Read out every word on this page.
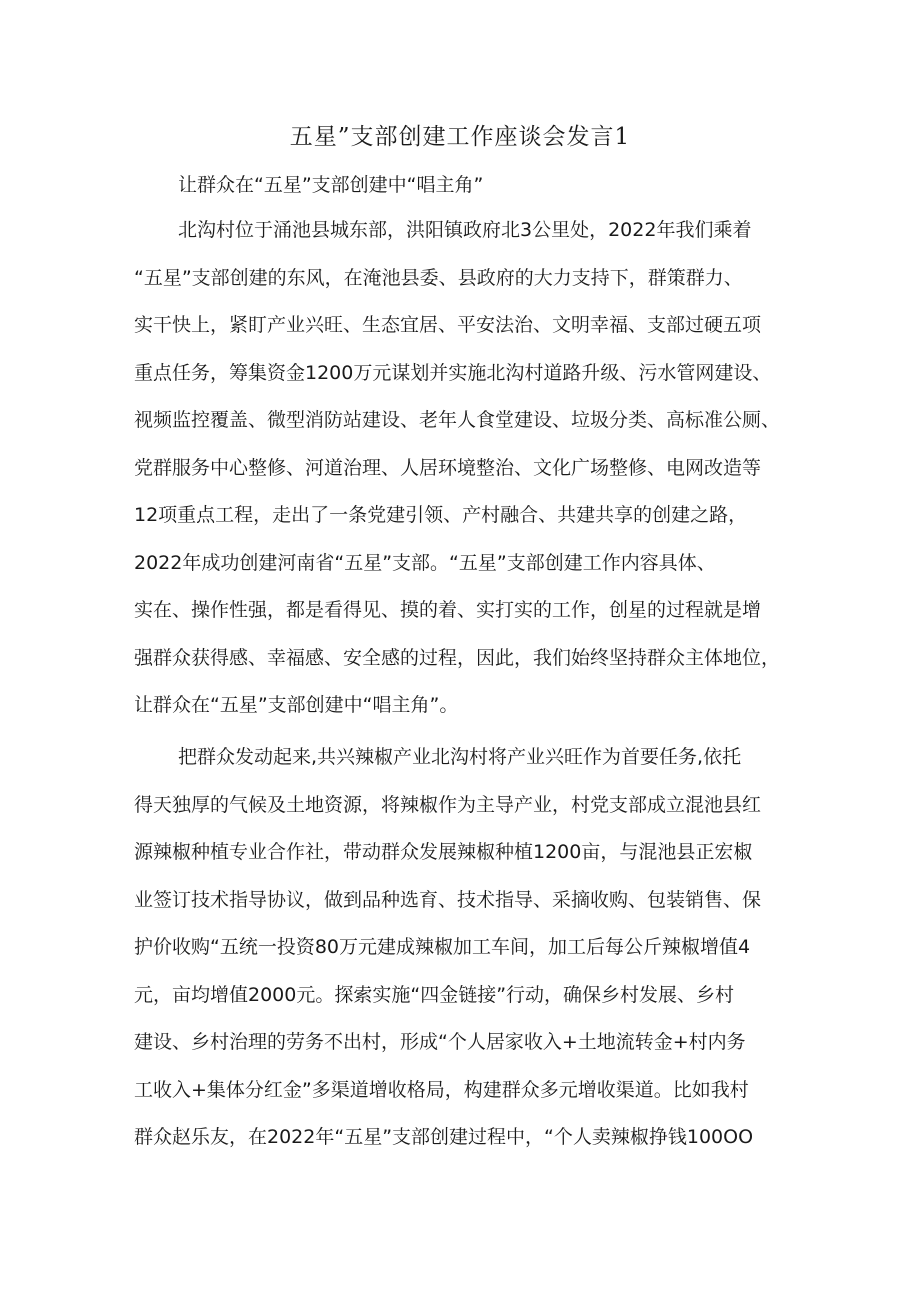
五星”支部创建工作座谈会发言1

让群众在“五星”支部创建中“唱主角”

北沟村位于涌池县城东部，洪阳镇政府北3公里处，2022年我们乘着
“五星”支部创建的东风，在淹池县委、县政府的大力支持下，群策群力、
实干快上，紧盯产业兴旺、生态宜居、平安法治、文明幸福、支部过硬五项
重点任务，筹集资金1200万元谋划并实施北沟村道路升级、污水管网建设、
视频监控覆盖、微型消防站建设、老年人食堂建设、垃圾分类、高标准公厕、
党群服务中心整修、河道治理、人居环境整治、文化广场整修、电网改造等
12项重点工程，走出了一条党建引领、产村融合、共建共享的创建之路，
2022年成功创建河南省“五星”支部。“五星”支部创建工作内容具体、
实在、操作性强，都是看得见、摸的着、实打实的工作，创星的过程就是增
强群众获得感、幸福感、安全感的过程，因此，我们始终坚持群众主体地位，
让群众在“五星”支部创建中“唱主角”。

把群众发动起来,共兴辣椒产业北沟村将产业兴旺作为首要任务,依托
得天独厚的气候及土地资源，将辣椒作为主导产业，村党支部成立混池县红
源辣椒种植专业合作社，带动群众发展辣椒种植1200亩，与混池县正宏椒
业签订技术指导协议，做到品种选育、技术指导、采摘收购、包装销售、保
护价收购“五统一投资80万元建成辣椒加工车间，加工后每公斤辣椒增值4
元，亩均增值2000元。探索实施“四金链接”行动，确保乡村发展、乡村
建设、乡村治理的劳务不出村，形成“个人居家收入+土地流转金+村内务
工收入+集体分红金”多渠道增收格局，构建群众多元增收渠道。比如我村
群众赵乐友，在2022年“五星”支部创建过程中，“个人卖辣椒挣钱100OO
